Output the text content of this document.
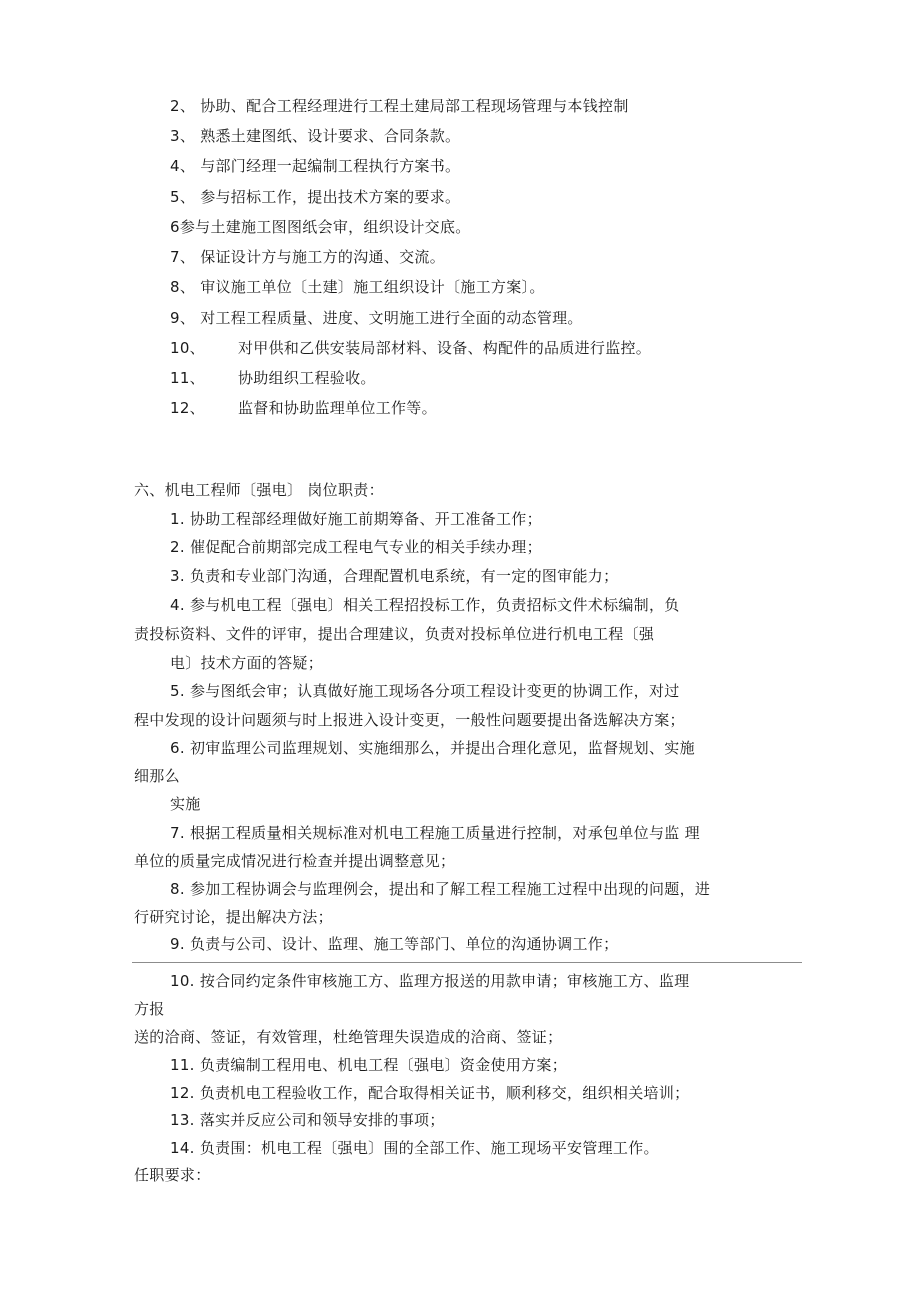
2、 协助、配合工程经理进行工程土建局部工程现场管理与本钱控制
3、 熟悉土建图纸、设计要求、合同条款。
4、 与部门经理一起编制工程执行方案书。
5、 参与招标工作，提出技术方案的要求。
6参与土建施工图图纸会审，组织设计交底。
7、 保证设计方与施工方的沟通、交流。
8、 审议施工单位〔土建〕施工组织设计〔施工方案〕。
9、 对工程工程质量、进度、文明施工进行全面的动态管理。
10、 对甲供和乙供安装局部材料、设备、构配件的品质进行监控。
11、 协助组织工程验收。
12、 监督和协助监理单位工作等。
六、机电工程师〔强电〕 岗位职责：
1. 协助工程部经理做好施工前期筹备、开工准备工作；
2. 催促配合前期部完成工程电气专业的相关手续办理；
3. 负责和专业部门沟通，合理配置机电系统，有一定的图审能力；
4. 参与机电工程〔强电〕相关工程招投标工作，负责招标文件术标编制，负
责投标资料、文件的评审，提出合理建议，负责对投标单位进行机电工程〔强
电〕技术方面的答疑；
5. 参与图纸会审；认真做好施工现场各分项工程设计变更的协调工作，对过
程中发现的设计问题须与时上报进入设计变更，一般性问题要提出备选解决方案；
6. 初审监理公司监理规划、实施细那么，并提出合理化意见，监督规划、实施
细那么
实施
7. 根据工程质量相关规标准对机电工程施工质量进行控制，对承包单位与监 理
单位的质量完成情况进行检查并提出调整意见；
8. 参加工程协调会与监理例会，提出和了解工程工程施工过程中出现的问题，进
行研究讨论，提出解决方法；
9. 负责与公司、设计、监理、施工等部门、单位的沟通协调工作；
10. 按合同约定条件审核施工方、监理方报送的用款申请；审核施工方、监理
方报
送的洽商、签证，有效管理，杜绝管理失误造成的洽商、签证；
11. 负责编制工程用电、机电工程〔强电〕资金使用方案；
12. 负责机电工程验收工作，配合取得相关证书，顺利移交，组织相关培训；
13. 落实并反应公司和领导安排的事项；
14. 负责围：机电工程〔强电〕围的全部工作、施工现场平安管理工作。
任职要求：
